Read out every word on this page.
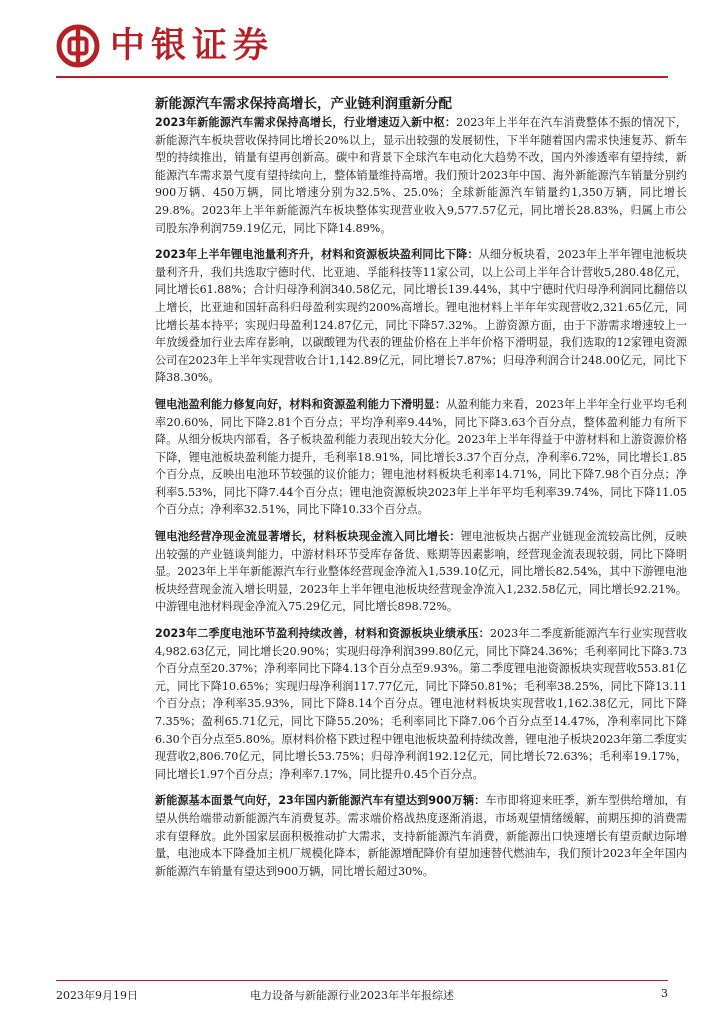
中银证券
新能源汽车需求保持高增长，产业链利润重新分配

2023年新能源汽车需求保持高增长，行业增速迈入新中枢：2023年上半年在汽车消费整体不振的情况下，新能源汽车板块营收保持同比增长20%以上，显示出较强的发展韧性，下半年随着国内需求快速复苏、新车型的持续推出，销量有望再创新高。碳中和背景下全球汽车电动化大趋势不改，国内外渗透率有望持续，新能源汽车需求景气度有望持续向上，整体销量维持高增。我们预计2023年中国、海外新能源汽车销量分别约900万辆、450万辆，同比增速分别为32.5%、25.0%；全球新能源汽车销量约1,350万辆，同比增长29.8%。2023年上半年新能源汽车板块整体实现营业收入9,577.57亿元，同比增长28.83%，归属上市公司股东净利润759.19亿元，同比下降14.89%。

2023年上半年锂电池量利齐升，材料和资源板块盈利同比下降：从细分板块看，2023年上半年锂电池板块量利齐升，我们共选取宁德时代、比亚迪、孚能科技等11家公司，以上公司上半年合计营收5,280.48亿元，同比增长61.88%；合计归母净利润340.58亿元，同比增长139.44%，其中宁德时代归母净利润同比翻倍以上增长，比亚迪和国轩高科归母盈利实现约200%高增长。锂电池材料上半年年实现营收2,321.65亿元，同比增长基本持平；实现归母盈利124.87亿元，同比下降57.32%。上游资源方面，由于下游需求增速较上一年放缓叠加行业去库存影响，以碳酸锂为代表的锂盐价格在上半年价格下滑明显，我们选取的12家锂电资源公司在2023年上半年实现营收合计1,142.89亿元，同比增长7.87%；归母净利润合计248.00亿元，同比下降38.30%。

锂电池盈利能力修复向好，材料和资源盈利能力下滑明显：从盈利能力来看，2023年上半年全行业平均毛利率20.60%，同比下降2.81个百分点；平均净利率9.44%，同比下降3.63个百分点，整体盈利能力有所下降。从细分板块内部看，各子板块盈利能力表现出较大分化。2023年上半年得益于中游材料和上游资源价格下降，锂电池板块盈利能力提升，毛利率18.91%，同比增长3.37个百分点，净利率6.72%，同比增长1.85个百分点，反映出电池环节较强的议价能力；锂电池材料板块毛利率14.71%，同比下降7.98个百分点；净利率5.53%，同比下降7.44个百分点；锂电池资源板块2023年上半年平均毛利率39.74%，同比下降11.05个百分点；净利率32.51%，同比下降10.33个百分点。

锂电池经营净现金流显著增长，材料板块现金流入同比增长：锂电池板块占据产业链现金流较高比例，反映出较强的产业链谈判能力，中游材料环节受库存备货、账期等因素影响，经营现金流表现较弱，同比下降明显。2023年上半年新能源汽车行业整体经营现金净流入1,539.10亿元，同比增长82.54%，其中下游锂电池板块经营现金流入增长明显，2023年上半年锂电池板块经营现金净流入1,232.58亿元，同比增长92.21%。中游锂电池材料现金净流入75.29亿元，同比增长898.72%。

2023年二季度电池环节盈利持续改善，材料和资源板块业绩承压：2023年二季度新能源汽车行业实现营收4,982.63亿元，同比增长20.90%；实现归母净利润399.80亿元，同比下降24.36%；毛利率同比下降3.73个百分点至20.37%；净利率同比下降4.13个百分点至9.93%。第二季度锂电池资源板块实现营收553.81亿元，同比下降10.65%；实现归母净利润117.77亿元，同比下降50.81%；毛利率38.25%，同比下降13.11个百分点；净利率35.93%，同比下降8.14个百分点。锂电池材料板块实现营收1,162.38亿元，同比下降7.35%；盈利65.71亿元，同比下降55.20%；毛利率同比下降7.06个百分点至14.47%，净利率同比下降6.30个百分点至5.80%。原材料价格下跌过程中锂电池板块盈利持续改善，锂电池子板块2023年第二季度实现营收2,806.70亿元，同比增长53.75%；归母净利润192.12亿元，同比增长72.63%；毛利率19.17%，同比增长1.97个百分点；净利率7.17%，同比提升0.45个百分点。

新能源基本面景气向好，23年国内新能源汽车有望达到900万辆：车市即将迎来旺季，新车型供给增加，有望从供给端带动新能源汽车消费复苏。需求端价格战热度逐渐消退，市场观望情绪缓解，前期压抑的消费需求有望释放。此外国家层面积极推动扩大需求，支持新能源汽车消费，新能源出口快速增长有望贡献边际增量，电池成本下降叠加主机厂规模化降本，新能源增配降价有望加速替代燃油车，我们预计2023年全年国内新能源汽车销量有望达到900万辆，同比增长超过30%。

2023年9月19日	电力设备与新能源行业2023年半年报综述	3
